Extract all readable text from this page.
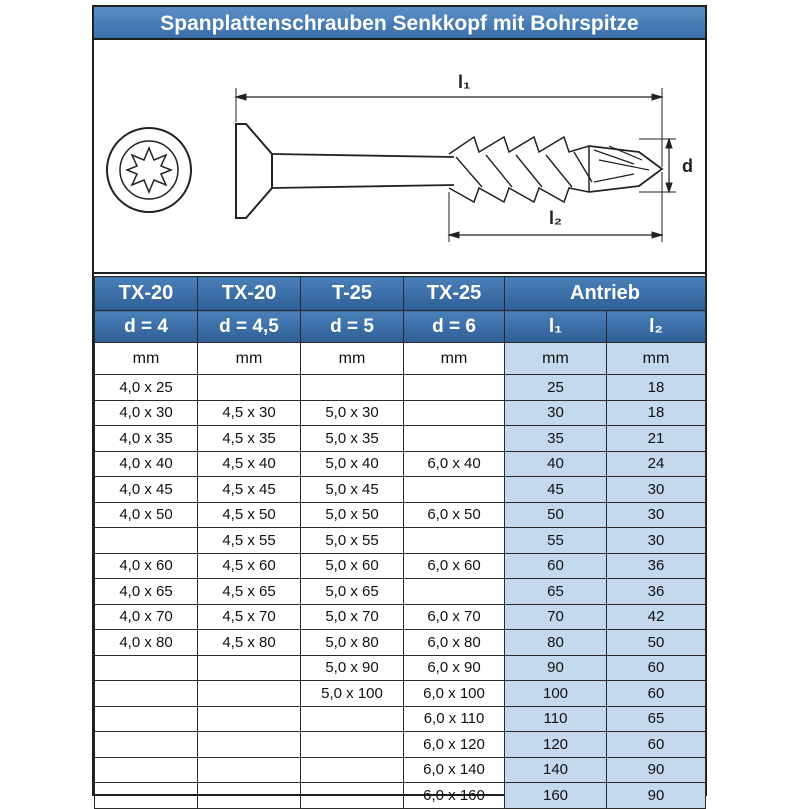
Spanplattenschrauben Senkkopf mit Bohrspitze
l₁
l₂
d
TX-20	TX-20	T-25	TX-25	Antrieb	
d = 4	d = 4,5	d = 5	d = 6	l₁	l₂
mm	mm	mm	mm	mm	mm
4,0 x 25				25	18
4,0 x 30	4,5 x 30	5,0 x 30		30	18
4,0 x 35	4,5 x 35	5,0 x 35		35	21
4,0 x 40	4,5 x 40	5,0 x 40	6,0 x 40	40	24
4,0 x 45	4,5 x 45	5,0 x 45		45	30
4,0 x 50	4,5 x 50	5,0 x 50	6,0 x 50	50	30
	4,5 x 55	5,0 x 55		55	30
4,0 x 60	4,5 x 60	5,0 x 60	6,0 x 60	60	36
4,0 x 65	4,5 x 65	5,0 x 65		65	36
4,0 x 70	4,5 x 70	5,0 x 70	6,0 x 70	70	42
4,0 x 80	4,5 x 80	5,0 x 80	6,0 x 80	80	50
		5,0 x 90	6,0 x 90	90	60
		5,0 x 100	6,0 x 100	100	60
			6,0 x 110	110	65
			6,0 x 120	120	60
			6,0 x 140	140	90
			6,0 x 160	160	90
